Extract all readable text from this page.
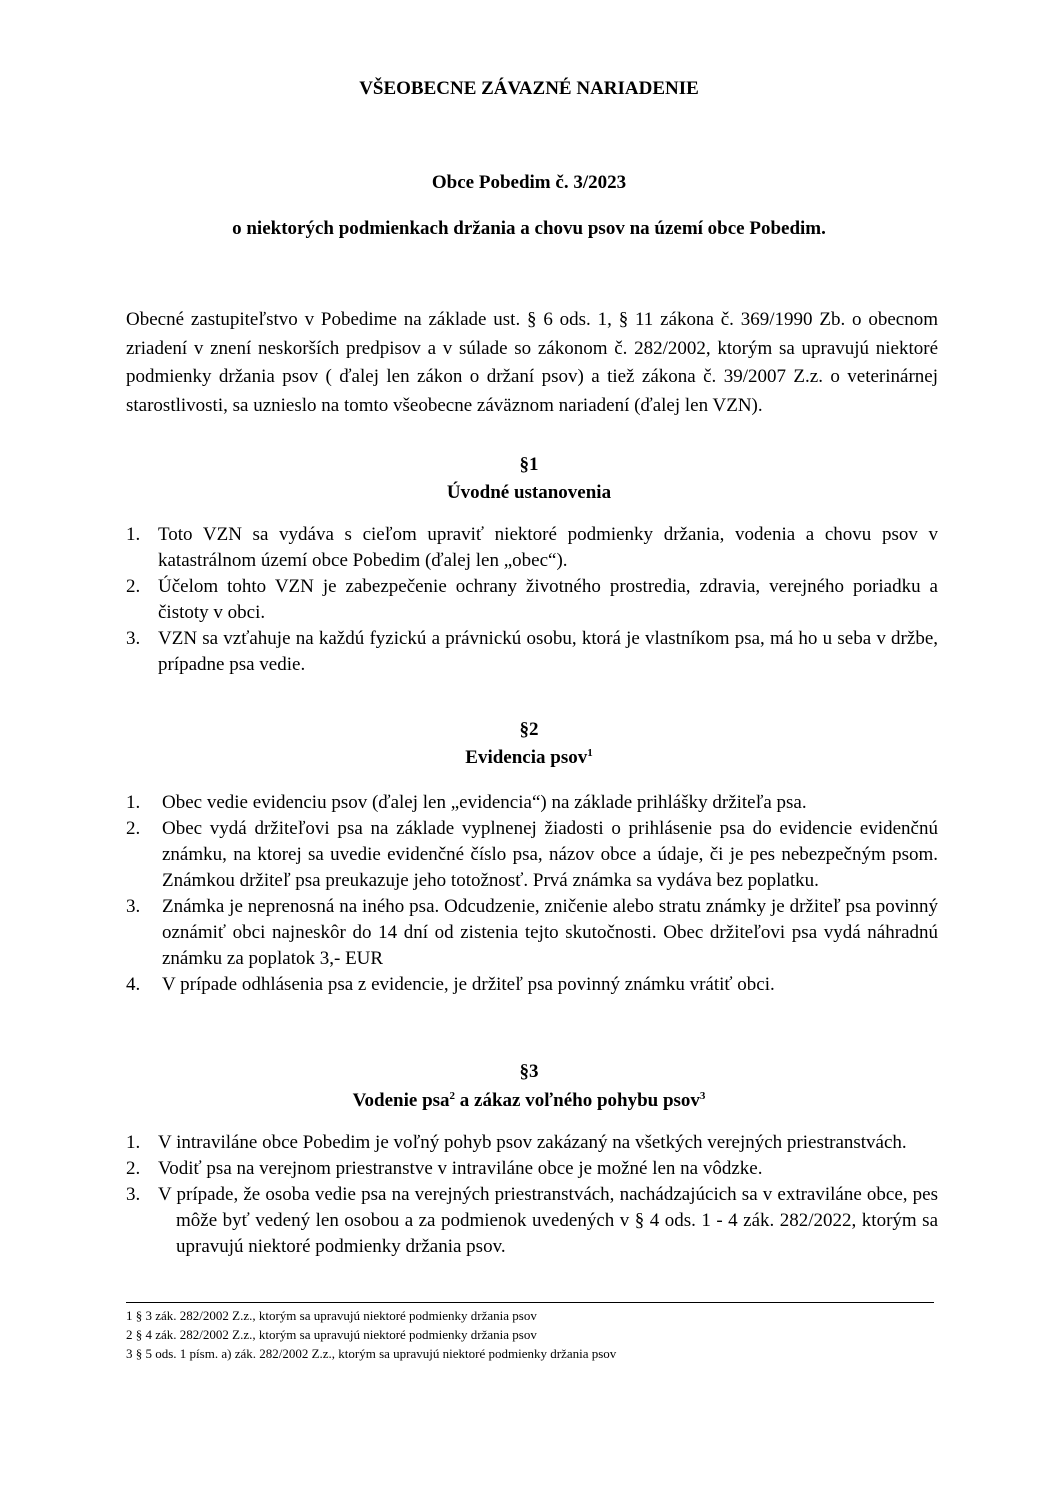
VŠEOBECNE ZÁVAZNÉ NARIADENIE
Obce Pobedim č. 3/2023
o niektorých podmienkach držania a chovu psov na území obce Pobedim.

Obecné zastupiteľstvo v Pobedime na základe ust. § 6 ods. 1, § 11 zákona č. 369/1990 Zb. o obecnom zriadení v znení neskorších predpisov a v súlade so zákonom č. 282/2002, ktorým sa upravujú niektoré podmienky držania psov ( ďalej len zákon o držaní psov) a tiež zákona č. 39/2007 Z.z. o veterinárnej starostlivosti, sa uznieslo na tomto všeobecne záväznom nariadení (ďalej len VZN).

§1
Úvodné ustanovenia
1. Toto VZN sa vydáva s cieľom upraviť niektoré podmienky držania, vodenia a chovu psov v katastrálnom území obce Pobedim (ďalej len „obec“).
2. Účelom tohto VZN je zabezpečenie ochrany životného prostredia, zdravia, verejného poriadku a čistoty v obci.
3. VZN sa vzťahuje na každú fyzickú a právnickú osobu, ktorá je vlastníkom psa, má ho u seba v držbe, prípadne psa vedie.
§2
Evidencia psov$^1$
1. Obec vedie evidenciu psov (ďalej len „evidencia“) na základe prihlášky držiteľa psa.
2. Obec vydá držiteľovi psa na základe vyplnenej žiadosti o prihlásenie psa do evidencie evidenčnú známku, na ktorej sa uvedie evidenčné číslo psa, názov obce a údaje, či je pes nebezpečným psom. Známkou držiteľ psa preukazuje jeho totožnosť. Prvá známka sa vydáva bez poplatku.
3. Známka je neprenosná na iného psa. Odcudzenie, zničenie alebo stratu známky je držiteľ psa povinný oznámiť obci najneskôr do 14 dní od zistenia tejto skutočnosti. Obec držiteľovi psa vydá náhradnú známku za poplatok 3,- EUR
4. V prípade odhlásenia psa z evidencie, je držiteľ psa povinný známku vrátiť obci.
§3
Vodenie psa$^2$ a zákaz voľného pohybu psov$^3$
1. V intraviláne obce Pobedim je voľný pohyb psov zakázaný na všetkých verejných priestranstvách.
2. Vodiť psa na verejnom priestranstve v intraviláne obce je možné len na vôdzke.
3. V prípade, že osoba vedie psa na verejných priestranstvách, nachádzajúcich sa v extraviláne obce, pes môže byť vedený len osobou a za podmienok uvedených v § 4 ods. 1 - 4 zák. 282/2022, ktorým sa upravujú niektoré podmienky držania psov.
1 § 3 zák. 282/2002 Z.z., ktorým sa upravujú niektoré podmienky držania psov
2 § 4 zák. 282/2002 Z.z., ktorým sa upravujú niektoré podmienky držania psov
3 § 5 ods. 1 písm. a) zák. 282/2002 Z.z., ktorým sa upravujú niektoré podmienky držania psov
